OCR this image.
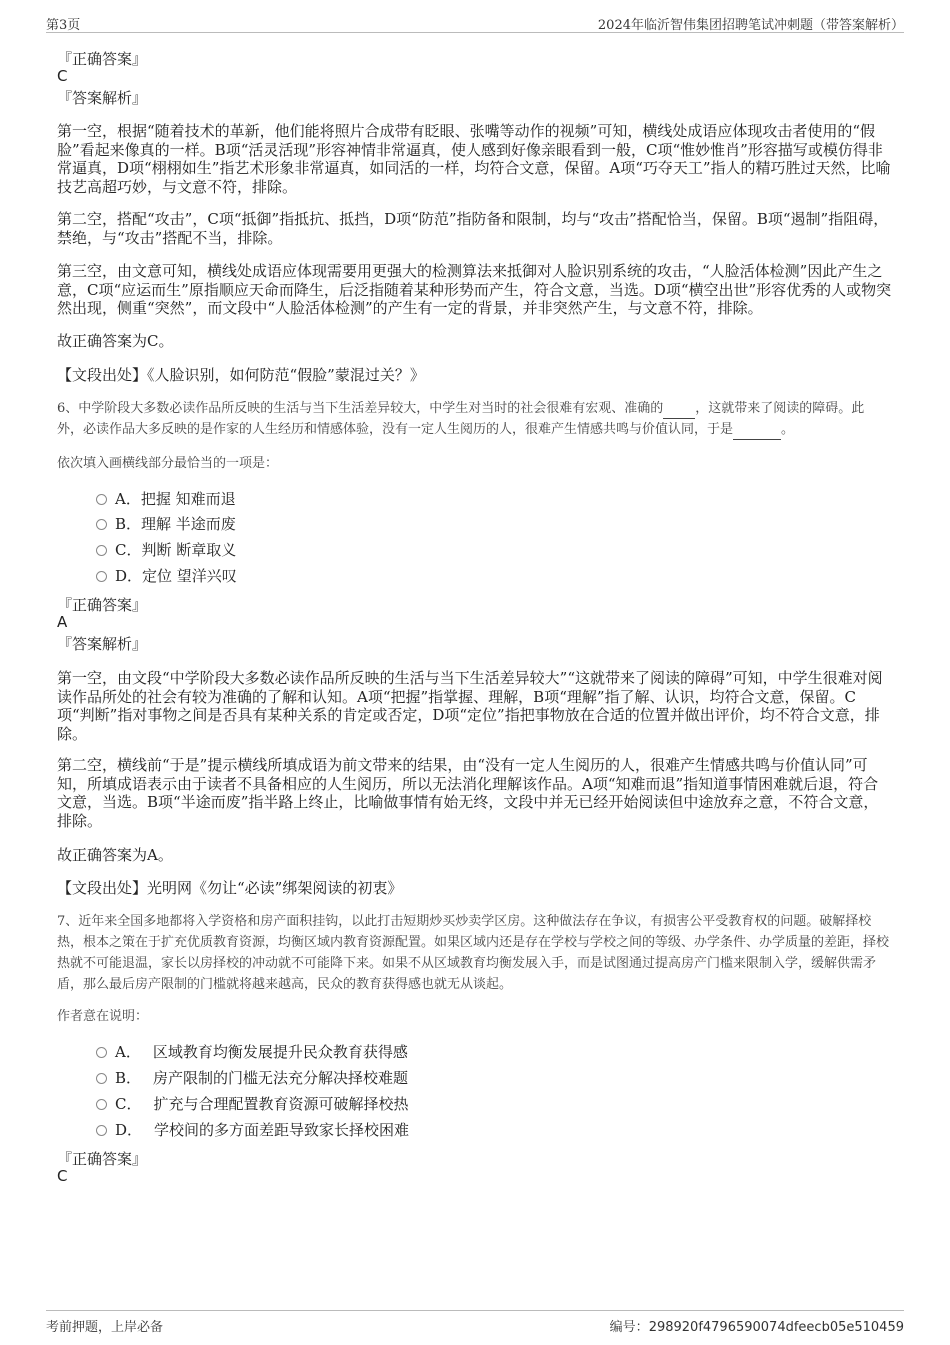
第3页	2024年临沂智伟集团招聘笔试冲刺题（带答案解析）
『正确答案』
C
『答案解析』
第一空，根据“随着技术的革新，他们能将照片合成带有眨眼、张嘴等动作的视频”可知，横线处成语应体现攻击者使用的“假脸”看起来像真的一样。B项“活灵活现”形容神情非常逼真，使人感到好像亲眼看到一般，C项“惟妙惟肖”形容描写或模仿得非常逼真，D项“栩栩如生”指艺术形象非常逼真，如同活的一样，均符合文意，保留。A项“巧夺天工”指人的精巧胜过天然，比喻技艺高超巧妙，与文意不符，排除。
第二空，搭配“攻击”，C项“抵御”指抵抗、抵挡，D项“防范”指防备和限制，均与“攻击”搭配恰当，保留。B项“遏制”指阻碍，禁绝，与“攻击”搭配不当，排除。
第三空，由文意可知，横线处成语应体现需要用更强大的检测算法来抵御对人脸识别系统的攻击，“人脸活体检测”因此产生之意，C项“应运而生”原指顺应天命而降生，后泛指随着某种形势而产生，符合文意，当选。D项“横空出世”形容优秀的人或物突然出现，侧重“突然”，而文段中“人脸活体检测”的产生有一定的背景，并非突然产生，与文意不符，排除。
故正确答案为C。
【文段出处】《人脸识别，如何防范“假脸”蒙混过关？》
6、中学阶段大多数必读作品所反映的生活与当下生活差异较大，中学生对当时的社会很难有宏观、准确的 ，这就带来了阅读的障碍。此
外，必读作品大多反映的是作家的人生经历和情感体验，没有一定人生阅历的人，很难产生情感共鸣与价值认同，于是	。
依次填入画横线部分最恰当的一项是：
A．把握 知难而退
B．理解 半途而废
C．判断 断章取义
D．定位 望洋兴叹
『正确答案』
A
『答案解析』
第一空，由文段“中学阶段大多数必读作品所反映的生活与当下生活差异较大”“这就带来了阅读的障碍”可知，中学生很难对阅读作品所处的社会有较为准确的了解和认知。A项“把握”指掌握、理解，B项“理解”指了解、认识，均符合文意，保留。C项“判断”指对事物之间是否具有某种关系的肯定或否定，D项“定位”指把事物放在合适的位置并做出评价，均不符合文意，排除。
第二空，横线前“于是”提示横线所填成语为前文带来的结果，由“没有一定人生阅历的人，很难产生情感共鸣与价值认同”可知，所填成语表示由于读者不具备相应的人生阅历，所以无法消化理解该作品。A项“知难而退”指知道事情困难就后退，符合文意，当选。B项“半途而废”指半路上终止，比喻做事情有始无终，文段中并无已经开始阅读但中途放弃之意，不符合文意，排除。
故正确答案为A。
【文段出处】光明网《勿让“必读”绑架阅读的初衷》
7、近年来全国多地都将入学资格和房产面积挂钩，以此打击短期炒买炒卖学区房。这种做法存在争议，有损害公平受教育权的问题。破解择校热，根本之策在于扩充优质教育资源，均衡区域内教育资源配置。如果区域内还是存在学校与学校之间的等级、办学条件、办学质量的差距，择校热就不可能退温，家长以房择校的冲动就不可能降下来。如果不从区域教育均衡发展入手，而是试图通过提高房产门槛来限制入学，缓解供需矛盾，那么最后房产限制的门槛就将越来越高，民众的教育获得感也就无从谈起。
作者意在说明：
A． 区域教育均衡发展提升民众教育获得感
B． 房产限制的门槛无法充分解决择校难题
C． 扩充与合理配置教育资源可破解择校热
D． 学校间的多方面差距导致家长择校困难
『正确答案』
C
考前押题，上岸必备	编号：298920f4796590074dfeecb05e510459
